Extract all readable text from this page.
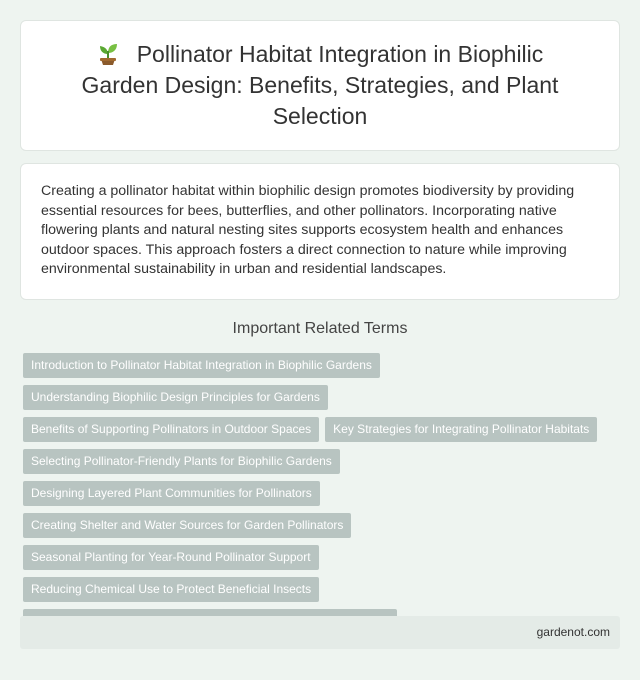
Pollinator Habitat Integration in Biophilic Garden Design: Benefits, Strategies, and Plant Selection

Creating a pollinator habitat within biophilic design promotes biodiversity by providing essential resources for bees, butterflies, and other pollinators. Incorporating native flowering plants and natural nesting sites supports ecosystem health and enhances outdoor spaces. This approach fosters a direct connection to nature while improving environmental sustainability in urban and residential landscapes.

Important Related Terms
Introduction to Pollinator Habitat Integration in Biophilic Gardens
Understanding Biophilic Design Principles for Gardens
Benefits of Supporting Pollinators in Outdoor Spaces	Key Strategies for Integrating Pollinator Habitats
Selecting Pollinator-Friendly Plants for Biophilic Gardens
Designing Layered Plant Communities for Pollinators
Creating Shelter and Water Sources for Garden Pollinators
Seasonal Planting for Year-Round Pollinator Support
Reducing Chemical Use to Protect Beneficial Insects
gardenot.com
